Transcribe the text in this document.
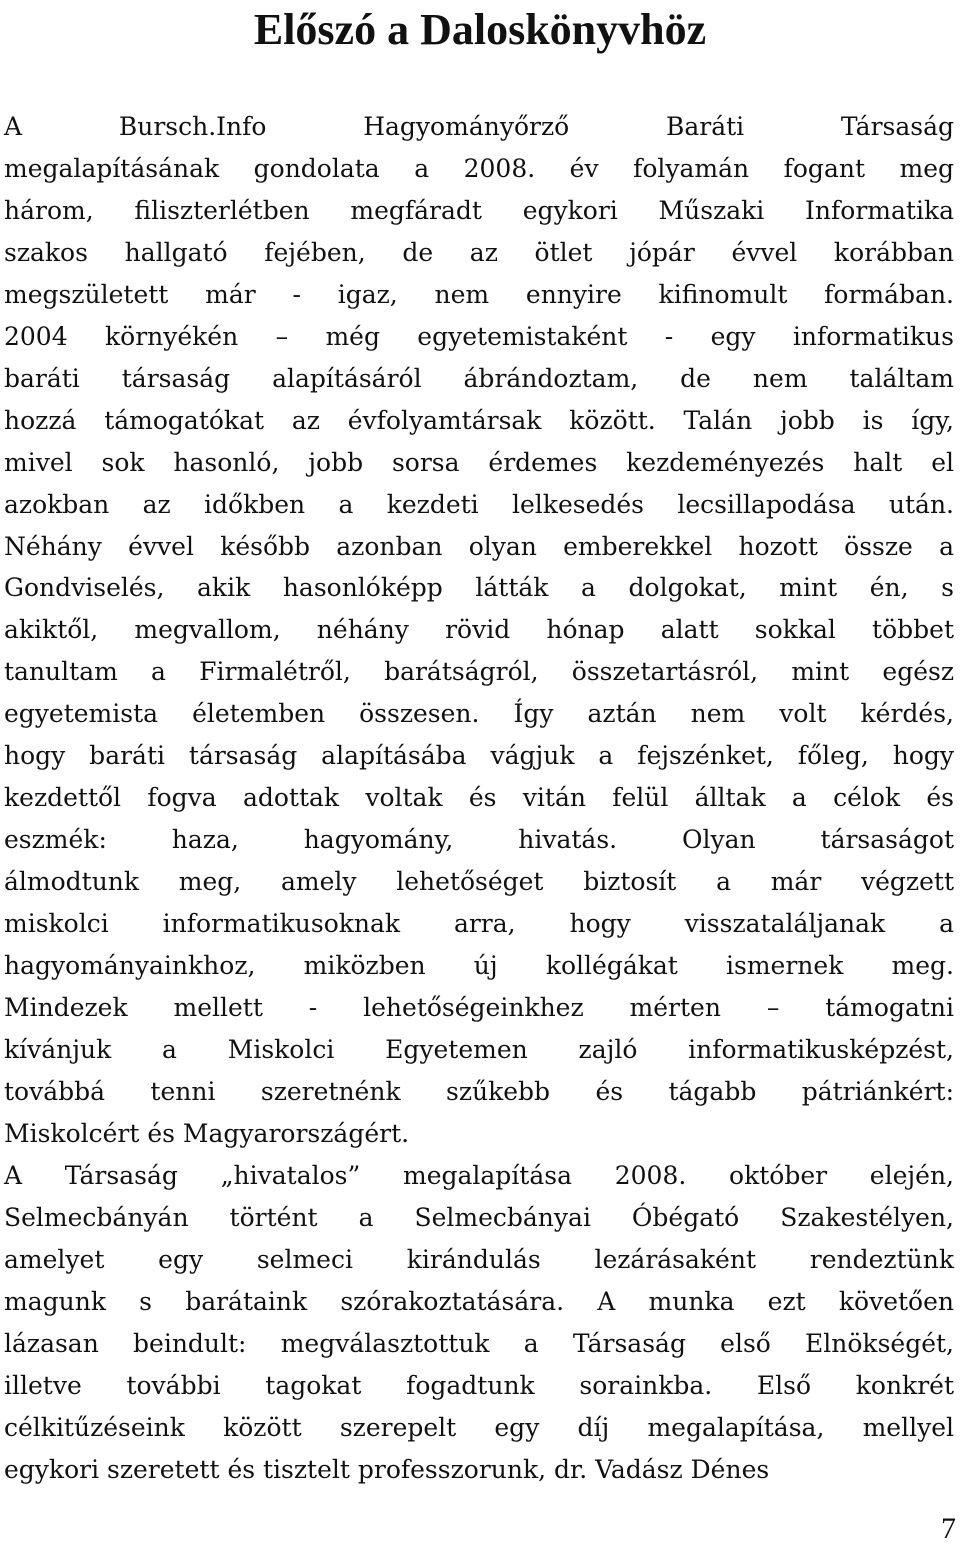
Előszó a Daloskönyvhöz
A Bursch.Info Hagyományőrző Baráti Társaság
megalapításának gondolata a 2008. év folyamán fogant meg
három, filiszterlétben megfáradt egykori Műszaki Informatika
szakos hallgató fejében, de az ötlet jópár évvel korábban
megszületett már - igaz, nem ennyire kifinomult formában.
2004 környékén – még egyetemistaként - egy informatikus
baráti társaság alapításáról ábrándoztam, de nem találtam
hozzá támogatókat az évfolyamtársak között. Talán jobb is így,
mivel sok hasonló, jobb sorsa érdemes kezdeményezés halt el
azokban az időkben a kezdeti lelkesedés lecsillapodása után.
Néhány évvel később azonban olyan emberekkel hozott össze a
Gondviselés, akik hasonlóképp látták a dolgokat, mint én, s
akiktől, megvallom, néhány rövid hónap alatt sokkal többet
tanultam a Firmalétről, barátságról, összetartásról, mint egész
egyetemista életemben összesen. Így aztán nem volt kérdés,
hogy baráti társaság alapításába vágjuk a fejszénket, főleg, hogy
kezdettől fogva adottak voltak és vitán felül álltak a célok és
eszmék: haza, hagyomány, hivatás. Olyan társaságot
álmodtunk meg, amely lehetőséget biztosít a már végzett
miskolci informatikusoknak arra, hogy visszataláljanak a
hagyományainkhoz, miközben új kollégákat ismernek meg.
Mindezek mellett - lehetőségeinkhez mérten – támogatni
kívánjuk a Miskolci Egyetemen zajló informatikusképzést,
továbbá tenni szeretnénk szűkebb és tágabb pátriánkért:
Miskolcért és Magyarországért.
A Társaság „hivatalos” megalapítása 2008. október elején,
Selmecbányán történt a Selmecbányai Óbégató Szakestélyen,
amelyet egy selmeci kirándulás lezárásaként rendeztünk
magunk s barátaink szórakoztatására. A munka ezt követően
lázasan beindult: megválasztottuk a Társaság első Elnökségét,
illetve további tagokat fogadtunk sorainkba. Első konkrét
célkitűzéseink között szerepelt egy díj megalapítása, mellyel
egykori szeretett és tisztelt professzorunk, dr. Vadász Dénes
7
